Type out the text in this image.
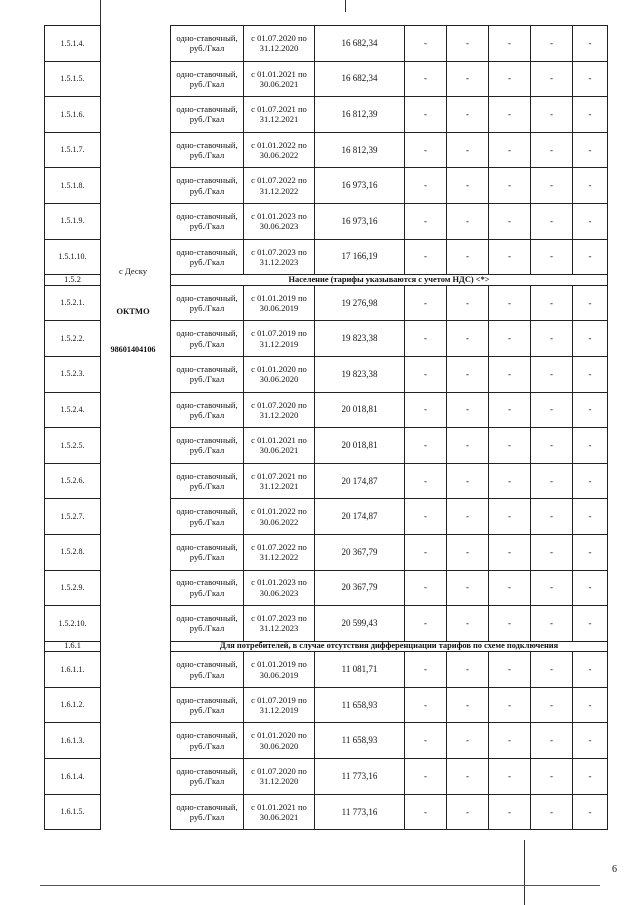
1.5.1.4.		одно-ставочный, руб./Гкал	с 01.07.2020 по 31.12.2020	16 682,34	-	-	-	-	-
1.5.1.5.		одно-ставочный, руб./Гкал	с 01.01.2021 по 30.06.2021	16 682,34	-	-	-	-	-
1.5.1.6.		одно-ставочный, руб./Гкал	с 01.07.2021 по 31.12.2021	16 812,39	-	-	-	-	-
1.5.1.7.		одно-ставочный, руб./Гкал	с 01.01.2022 по 30.06.2022	16 812,39	-	-	-	-	-
1.5.1.8.		одно-ставочный, руб./Гкал	с 01.07.2022 по 31.12.2022	16 973,16	-	-	-	-	-
1.5.1.9.		одно-ставочный, руб./Гкал	с 01.01.2023 по 30.06.2023	16 973,16	-	-	-	-	-
1.5.1.10.		одно-ставочный, руб./Гкал	с 01.07.2023 по 31.12.2023	17 166,19	-	-	-	-	-
1.5.2		Население (тарифы указываются с учетом НДС) <*>							
1.5.2.1.		одно-ставочный, руб./Гкал	с 01.01.2019 по 30.06.2019	19 276,98	-	-	-	-	-
1.5.2.2.		одно-ставочный, руб./Гкал	с 01.07.2019 по 31.12.2019	19 823,38	-	-	-	-	-
1.5.2.3.		одно-ставочный, руб./Гкал	с 01.01.2020 по 30.06.2020	19 823,38	-	-	-	-	-
1.5.2.4.		одно-ставочный, руб./Гкал	с 01.07.2020 по 31.12.2020	20 018,81	-	-	-	-	-
1.5.2.5.		одно-ставочный, руб./Гкал	с 01.01.2021 по 30.06.2021	20 018,81	-	-	-	-	-
1.5.2.6.		одно-ставочный, руб./Гкал	с 01.07.2021 по 31.12.2021	20 174,87	-	-	-	-	-
1.5.2.7.		одно-ставочный, руб./Гкал	с 01.01.2022 по 30.06.2022	20 174,87	-	-	-	-	-
1.5.2.8.		одно-ставочный, руб./Гкал	с 01.07.2022 по 31.12.2022	20 367,79	-	-	-	-	-
1.5.2.9.		одно-ставочный, руб./Гкал	с 01.01.2023 по 30.06.2023	20 367,79	-	-	-	-	-
1.5.2.10.		одно-ставочный, руб./Гкал	с 01.07.2023 по 31.12.2023	20 599,43	-	-	-	-	-
1.6.1		Для потребителей, в случае отсутствия дифференциации тарифов по схеме подключения							
1.6.1.1.		одно-ставочный, руб./Гкал	с 01.01.2019 по 30.06.2019	11 081,71	-	-	-	-	-
1.6.1.2.		одно-ставочный, руб./Гкал	с 01.07.2019 по 31.12.2019	11 658,93	-	-	-	-	-
1.6.1.3.		одно-ставочный, руб./Гкал	с 01.01.2020 по 30.06.2020	11 658,93	-	-	-	-	-
1.6.1.4.		одно-ставочный, руб./Гкал	с 01.07.2020 по 31.12.2020	11 773,16	-	-	-	-	-
1.6.1.5.		одно-ставочный, руб./Гкал	с 01.01.2021 по 30.06.2021	11 773,16	-	-	-	-	-
с Деску
ОКТМО
98601404106
6
